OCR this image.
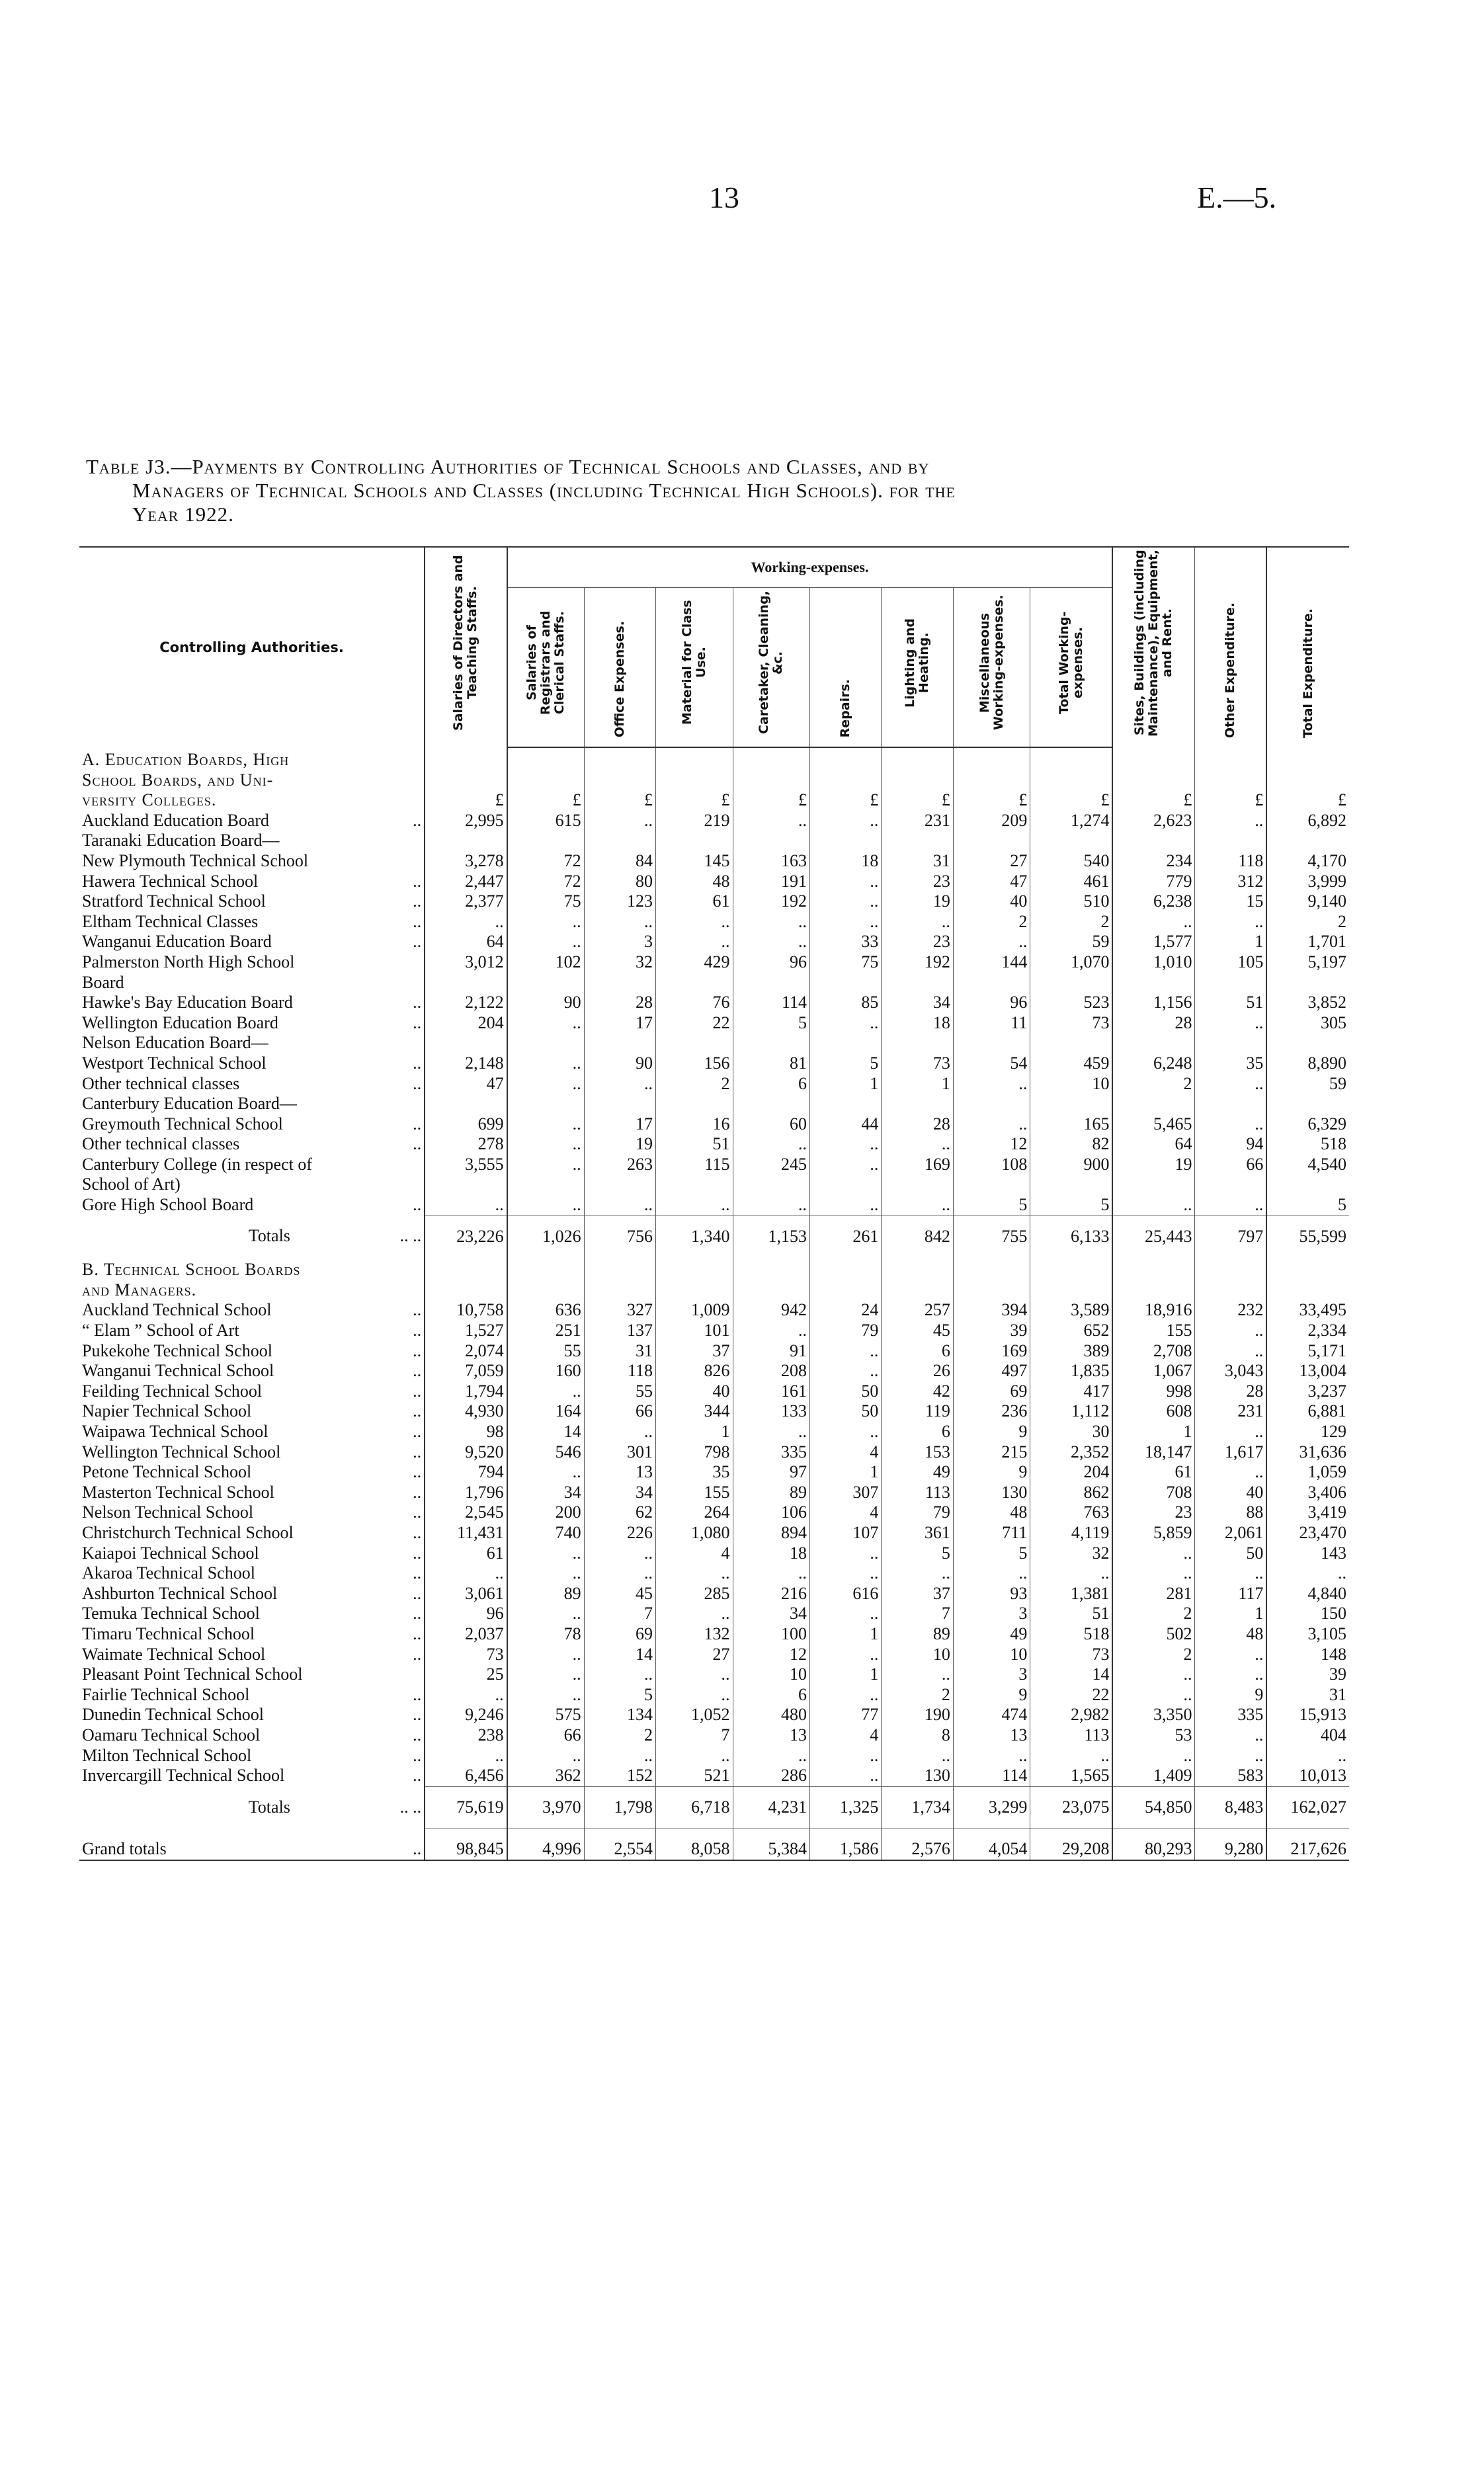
13	E.—5.
Table J3.—Payments by Controlling Authorities of Technical Schools and Classes, and by
Managers of Technical Schools and Classes (including Technical High Schools). for the
Year 1922.
Controlling Authorities.	Salaries of Directors and Teaching Staffs.	Working-expenses.								Sites, Buildings (including Maintenance), Equipment, and Rent.	Other Expenditure.	Total Expenditure.

		Salaries of Registrars and Clerical Staffs.	Office Expenses.	Material for Class Use.	Caretaker, Cleaning, &c.	Repairs.	Lighting and Heating.	Miscellaneous Working-expenses.	Total Working-expenses.			

A. Education Boards, High												
School Boards, and Uni-												
versity Colleges.	£	£	£	£	£	£	£	£	£	£	£	£
Auckland Education Board ..	2,995	615	..	219	..	..	231	209	1,274	2,623	..	6,892
Taranaki Education Board—												
New Plymouth Technical School	3,278	72	84	145	163	18	31	27	540	234	118	4,170
Hawera Technical School ..	2,447	72	80	48	191	..	23	47	461	779	312	3,999
Stratford Technical School ..	2,377	75	123	61	192	..	19	40	510	6,238	15	9,140
Eltham Technical Classes ..	..	..	..	..	..	..	..	2	2	..	..	2
Wanganui Education Board ..	64	..	3	..	..	33	23	..	59	1,577	1	1,701
Palmerston North High School	3,012	102	32	429	96	75	192	144	1,070	1,010	105	5,197
Board												
Hawke's Bay Education Board ..	2,122	90	28	76	114	85	34	96	523	1,156	51	3,852
Wellington Education Board ..	204	..	17	22	5	..	18	11	73	28	..	305
Nelson Education Board—												
Westport Technical School ..	2,148	..	90	156	81	5	73	54	459	6,248	35	8,890
Other technical classes ..	47	..	..	2	6	1	1	..	10	2	..	59
Canterbury Education Board—												
Greymouth Technical School ..	699	..	17	16	60	44	28	..	165	5,465	..	6,329
Other technical classes ..	278	..	19	51	..	..	..	12	82	64	94	518
Canterbury College (in respect of	3,555	..	263	115	245	..	169	108	900	19	66	4,540
School of Art)												
Gore High School Board ..	..	..	..	..	..	..	..	5	5	..	..	5
Totals .. ..	23,226	1,026	756	1,340	1,153	261	842	755	6,133	25,443	797	55,599
B. Technical School Boards												
and Managers.												
Auckland Technical School ..	10,758	636	327	1,009	942	24	257	394	3,589	18,916	232	33,495
“ Elam ” School of Art ..	1,527	251	137	101	..	79	45	39	652	155	..	2,334
Pukekohe Technical School ..	2,074	55	31	37	91	..	6	169	389	2,708	..	5,171
Wanganui Technical School ..	7,059	160	118	826	208	..	26	497	1,835	1,067	3,043	13,004
Feilding Technical School ..	1,794	..	55	40	161	50	42	69	417	998	28	3,237
Napier Technical School ..	4,930	164	66	344	133	50	119	236	1,112	608	231	6,881
Waipawa Technical School ..	98	14	..	1	..	..	6	9	30	1	..	129
Wellington Technical School ..	9,520	546	301	798	335	4	153	215	2,352	18,147	1,617	31,636
Petone Technical School ..	794	..	13	35	97	1	49	9	204	61	..	1,059
Masterton Technical School ..	1,796	34	34	155	89	307	113	130	862	708	40	3,406
Nelson Technical School ..	2,545	200	62	264	106	4	79	48	763	23	88	3,419
Christchurch Technical School ..	11,431	740	226	1,080	894	107	361	711	4,119	5,859	2,061	23,470
Kaiapoi Technical School ..	61	..	..	4	18	..	5	5	32	..	50	143
Akaroa Technical School ..	..	..	..	..	..	..	..	..	..	..	..	..
Ashburton Technical School ..	3,061	89	45	285	216	616	37	93	1,381	281	117	4,840
Temuka Technical School ..	96	..	7	..	34	..	7	3	51	2	1	150
Timaru Technical School ..	2,037	78	69	132	100	1	89	49	518	502	48	3,105
Waimate Technical School ..	73	..	14	27	12	..	10	10	73	2	..	148
Pleasant Point Technical School	25	..	..	..	10	1	..	3	14	..	..	39
Fairlie Technical School ..	..	..	5	..	6	..	2	9	22	..	9	31
Dunedin Technical School ..	9,246	575	134	1,052	480	77	190	474	2,982	3,350	335	15,913
Oamaru Technical School ..	238	66	2	7	13	4	8	13	113	53	..	404
Milton Technical School ..	..	..	..	..	..	..	..	..	..	..	..	..
Invercargill Technical School ..	6,456	362	152	521	286	..	130	114	1,565	1,409	583	10,013
Totals .. ..	75,619	3,970	1,798	6,718	4,231	1,325	1,734	3,299	23,075	54,850	8,483	162,027
Grand totals ..	98,845	4,996	2,554	8,058	5,384	1,586	2,576	4,054	29,208	80,293	9,280	217,626
